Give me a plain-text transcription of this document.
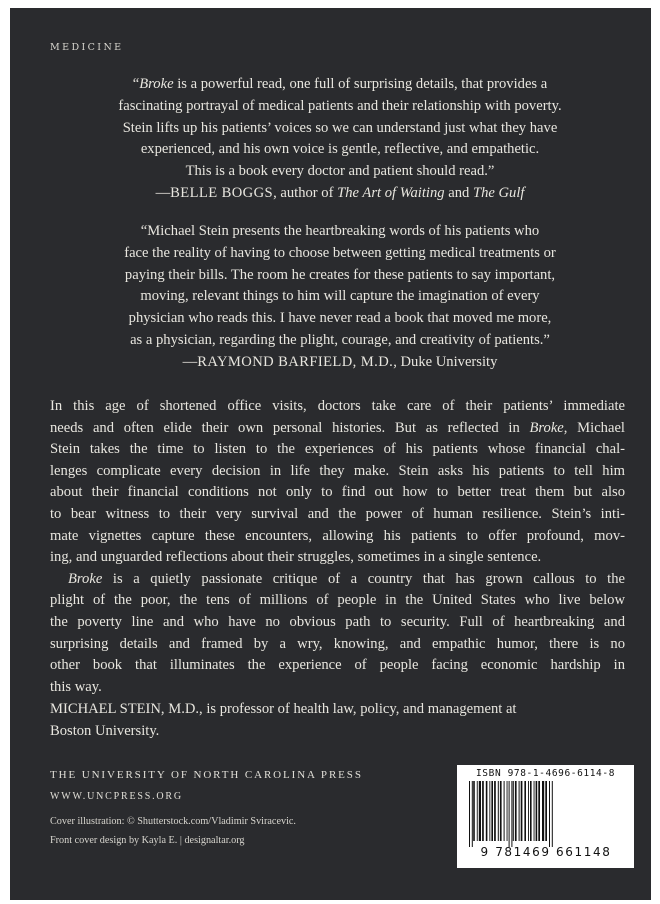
MEDICINE
“Broke is a powerful read, one full of surprising details, that provides a
fascinating portrayal of medical patients and their relationship with poverty.
Stein lifts up his patients’ voices so we can understand just what they have
experienced, and his own voice is gentle, reflective, and empathetic.
This is a book every doctor and patient should read.”
—BELLE BOGGS, author of The Art of Waiting and The Gulf
“Michael Stein presents the heartbreaking words of his patients who
face the reality of having to choose between getting medical treatments or
paying their bills. The room he creates for these patients to say important,
moving, relevant things to him will capture the imagination of every
physician who reads this. I have never read a book that moved me more,
as a physician, regarding the plight, courage, and creativity of patients.”
—RAYMOND BARFIELD, M.D., Duke University
In this age of shortened office visits, doctors take care of their patients’ immediate
needs and often elide their own personal histories. But as reflected in Broke, Michael
Stein takes the time to listen to the experiences of his patients whose financial chal-
lenges complicate every decision in life they make. Stein asks his patients to tell him
about their financial conditions not only to find out how to better treat them but also
to bear witness to their very survival and the power of human resilience. Stein’s inti-
mate vignettes capture these encounters, allowing his patients to offer profound, mov-
ing, and unguarded reflections about their struggles, sometimes in a single sentence.
Broke is a quietly passionate critique of a country that has grown callous to the
plight of the poor, the tens of millions of people in the United States who live below
the poverty line and who have no obvious path to security. Full of heartbreaking and
surprising details and framed by a wry, knowing, and empathic humor, there is no
other book that illuminates the experience of people facing economic hardship in
this way.
MICHAEL STEIN, M.D., is professor of health law, policy, and management at
Boston University.
THE UNIVERSITY OF NORTH CAROLINA PRESS
WWW.UNCPRESS.ORG
Cover illustration: © Shutterstock.com/Vladimir Sviracevic.
Front cover design by Kayla E. | designaltar.org
ISBN 978-1-4696-6114-8
9 781469 661148
